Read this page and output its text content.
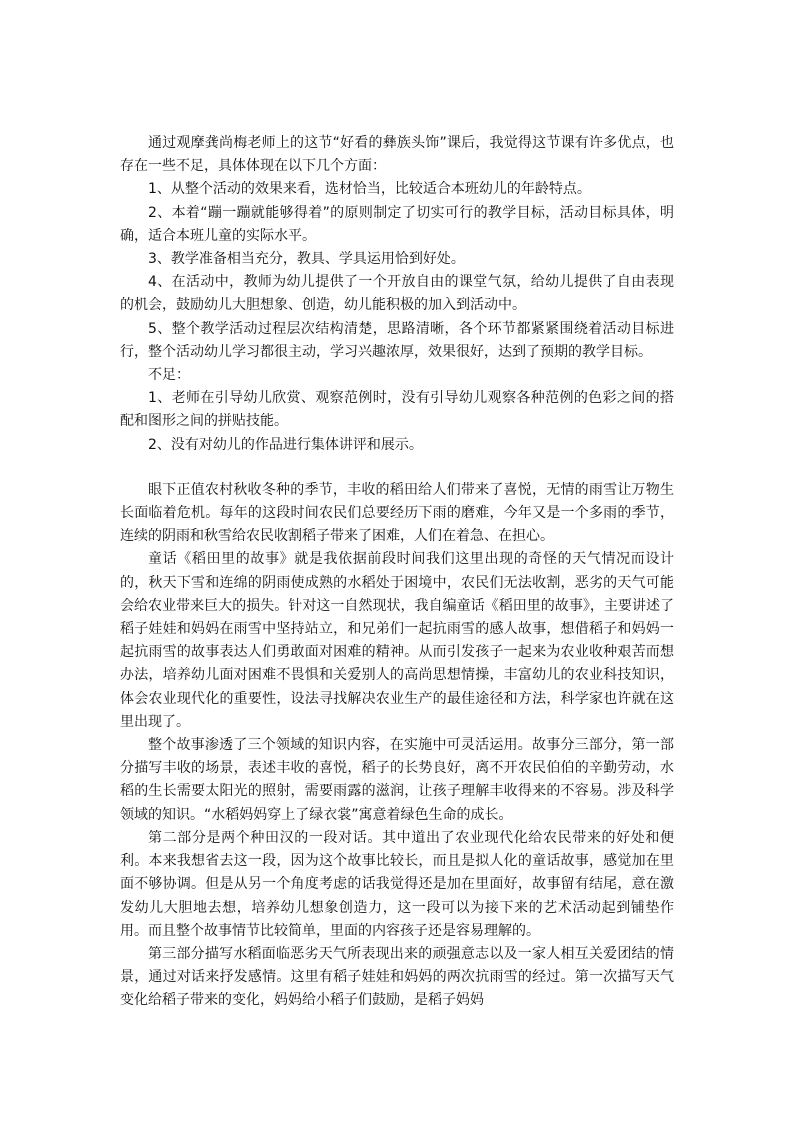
通过观摩龚尚梅老师上的这节“好看的彝族头饰”课后，我觉得这节课有许多优点，也存在一些不足，具体体现在以下几个方面：

1、从整个活动的效果来看，选材恰当，比较适合本班幼儿的年龄特点。

2、本着“蹦一蹦就能够得着”的原则制定了切实可行的教学目标，活动目标具体，明确，适合本班儿童的实际水平。

3、教学准备相当充分，教具、学具运用恰到好处。

4、在活动中，教师为幼儿提供了一个开放自由的课堂气氛，给幼儿提供了自由表现的机会，鼓励幼儿大胆想象、创造，幼儿能积极的加入到活动中。

5、整个教学活动过程层次结构清楚，思路清晰，各个环节都紧紧围绕着活动目标进行，整个活动幼儿学习都很主动，学习兴趣浓厚，效果很好，达到了预期的教学目标。

不足：

1、老师在引导幼儿欣赏、观察范例时，没有引导幼儿观察各种范例的色彩之间的搭配和图形之间的拼贴技能。

2、没有对幼儿的作品进行集体讲评和展示。

眼下正值农村秋收冬种的季节，丰收的稻田给人们带来了喜悦，无情的雨雪让万物生长面临着危机。每年的这段时间农民们总要经历下雨的磨难，今年又是一个多雨的季节，连续的阴雨和秋雪给农民收割稻子带来了困难，人们在着急、在担心。

童话《稻田里的故事》就是我依据前段时间我们这里出现的奇怪的天气情况而设计的，秋天下雪和连绵的阴雨使成熟的水稻处于困境中，农民们无法收割，恶劣的天气可能会给农业带来巨大的损失。针对这一自然现状，我自编童话《稻田里的故事》，主要讲述了稻子娃娃和妈妈在雨雪中坚持站立，和兄弟们一起抗雨雪的感人故事，想借稻子和妈妈一起抗雨雪的故事表达人们勇敢面对困难的精神。从而引发孩子一起来为农业收种艰苦而想办法，培养幼儿面对困难不畏惧和关爱别人的高尚思想情操，丰富幼儿的农业科技知识，体会农业现代化的重要性，设法寻找解决农业生产的最佳途径和方法，科学家也许就在这里出现了。

整个故事渗透了三个领域的知识内容，在实施中可灵活运用。故事分三部分，第一部分描写丰收的场景，表述丰收的喜悦，稻子的长势良好，离不开农民伯伯的辛勤劳动，水稻的生长需要太阳光的照射，需要雨露的滋润，让孩子理解丰收得来的不容易。涉及科学领域的知识。“水稻妈妈穿上了绿衣裳”寓意着绿色生命的成长。

第二部分是两个种田汉的一段对话。其中道出了农业现代化给农民带来的好处和便利。本来我想省去这一段，因为这个故事比较长，而且是拟人化的童话故事，感觉加在里面不够协调。但是从另一个角度考虑的话我觉得还是加在里面好，故事留有结尾，意在激发幼儿大胆地去想，培养幼儿想象创造力，这一段可以为接下来的艺术活动起到铺垫作用。而且整个故事情节比较简单，里面的内容孩子还是容易理解的。

第三部分描写水稻面临恶劣天气所表现出来的顽强意志以及一家人相互关爱团结的情景，通过对话来抒发感情。这里有稻子娃娃和妈妈的两次抗雨雪的经过。第一次描写天气变化给稻子带来的变化，妈妈给小稻子们鼓励，是稻子妈妈
